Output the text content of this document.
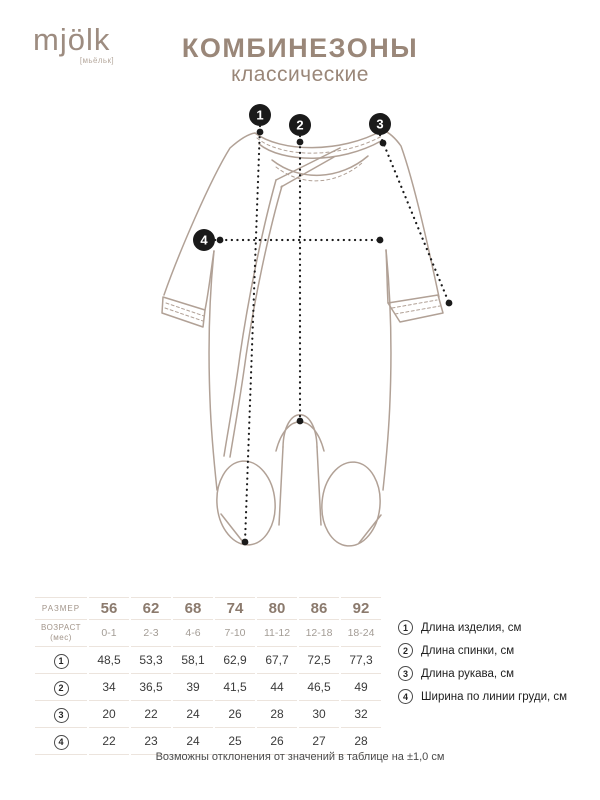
mjölk
[мьёльк]	КОМБИНЕЗОНЫ
классические
1
2	3
4
РАЗМЕР	56	62	68	74	80	86	92

ВОЗРАСТ
(мес)	0-1	2-3	4-6	7-10	11-12	12-18	18-24
1	48,5	53,3	58,1	62,9	67,7	72,5	77,3
2	34	36,5	39	41,5	44	46,5	49
3	20	22	24	26	28	30	32
4	22	23	24	25	26	27	28
1	Длина изделия, см
2	Длина спинки, см
3	Длина рукава, см
4	Ширина по линии груди, см
Возможны отклонения от значений в таблице на ±1,0 см
